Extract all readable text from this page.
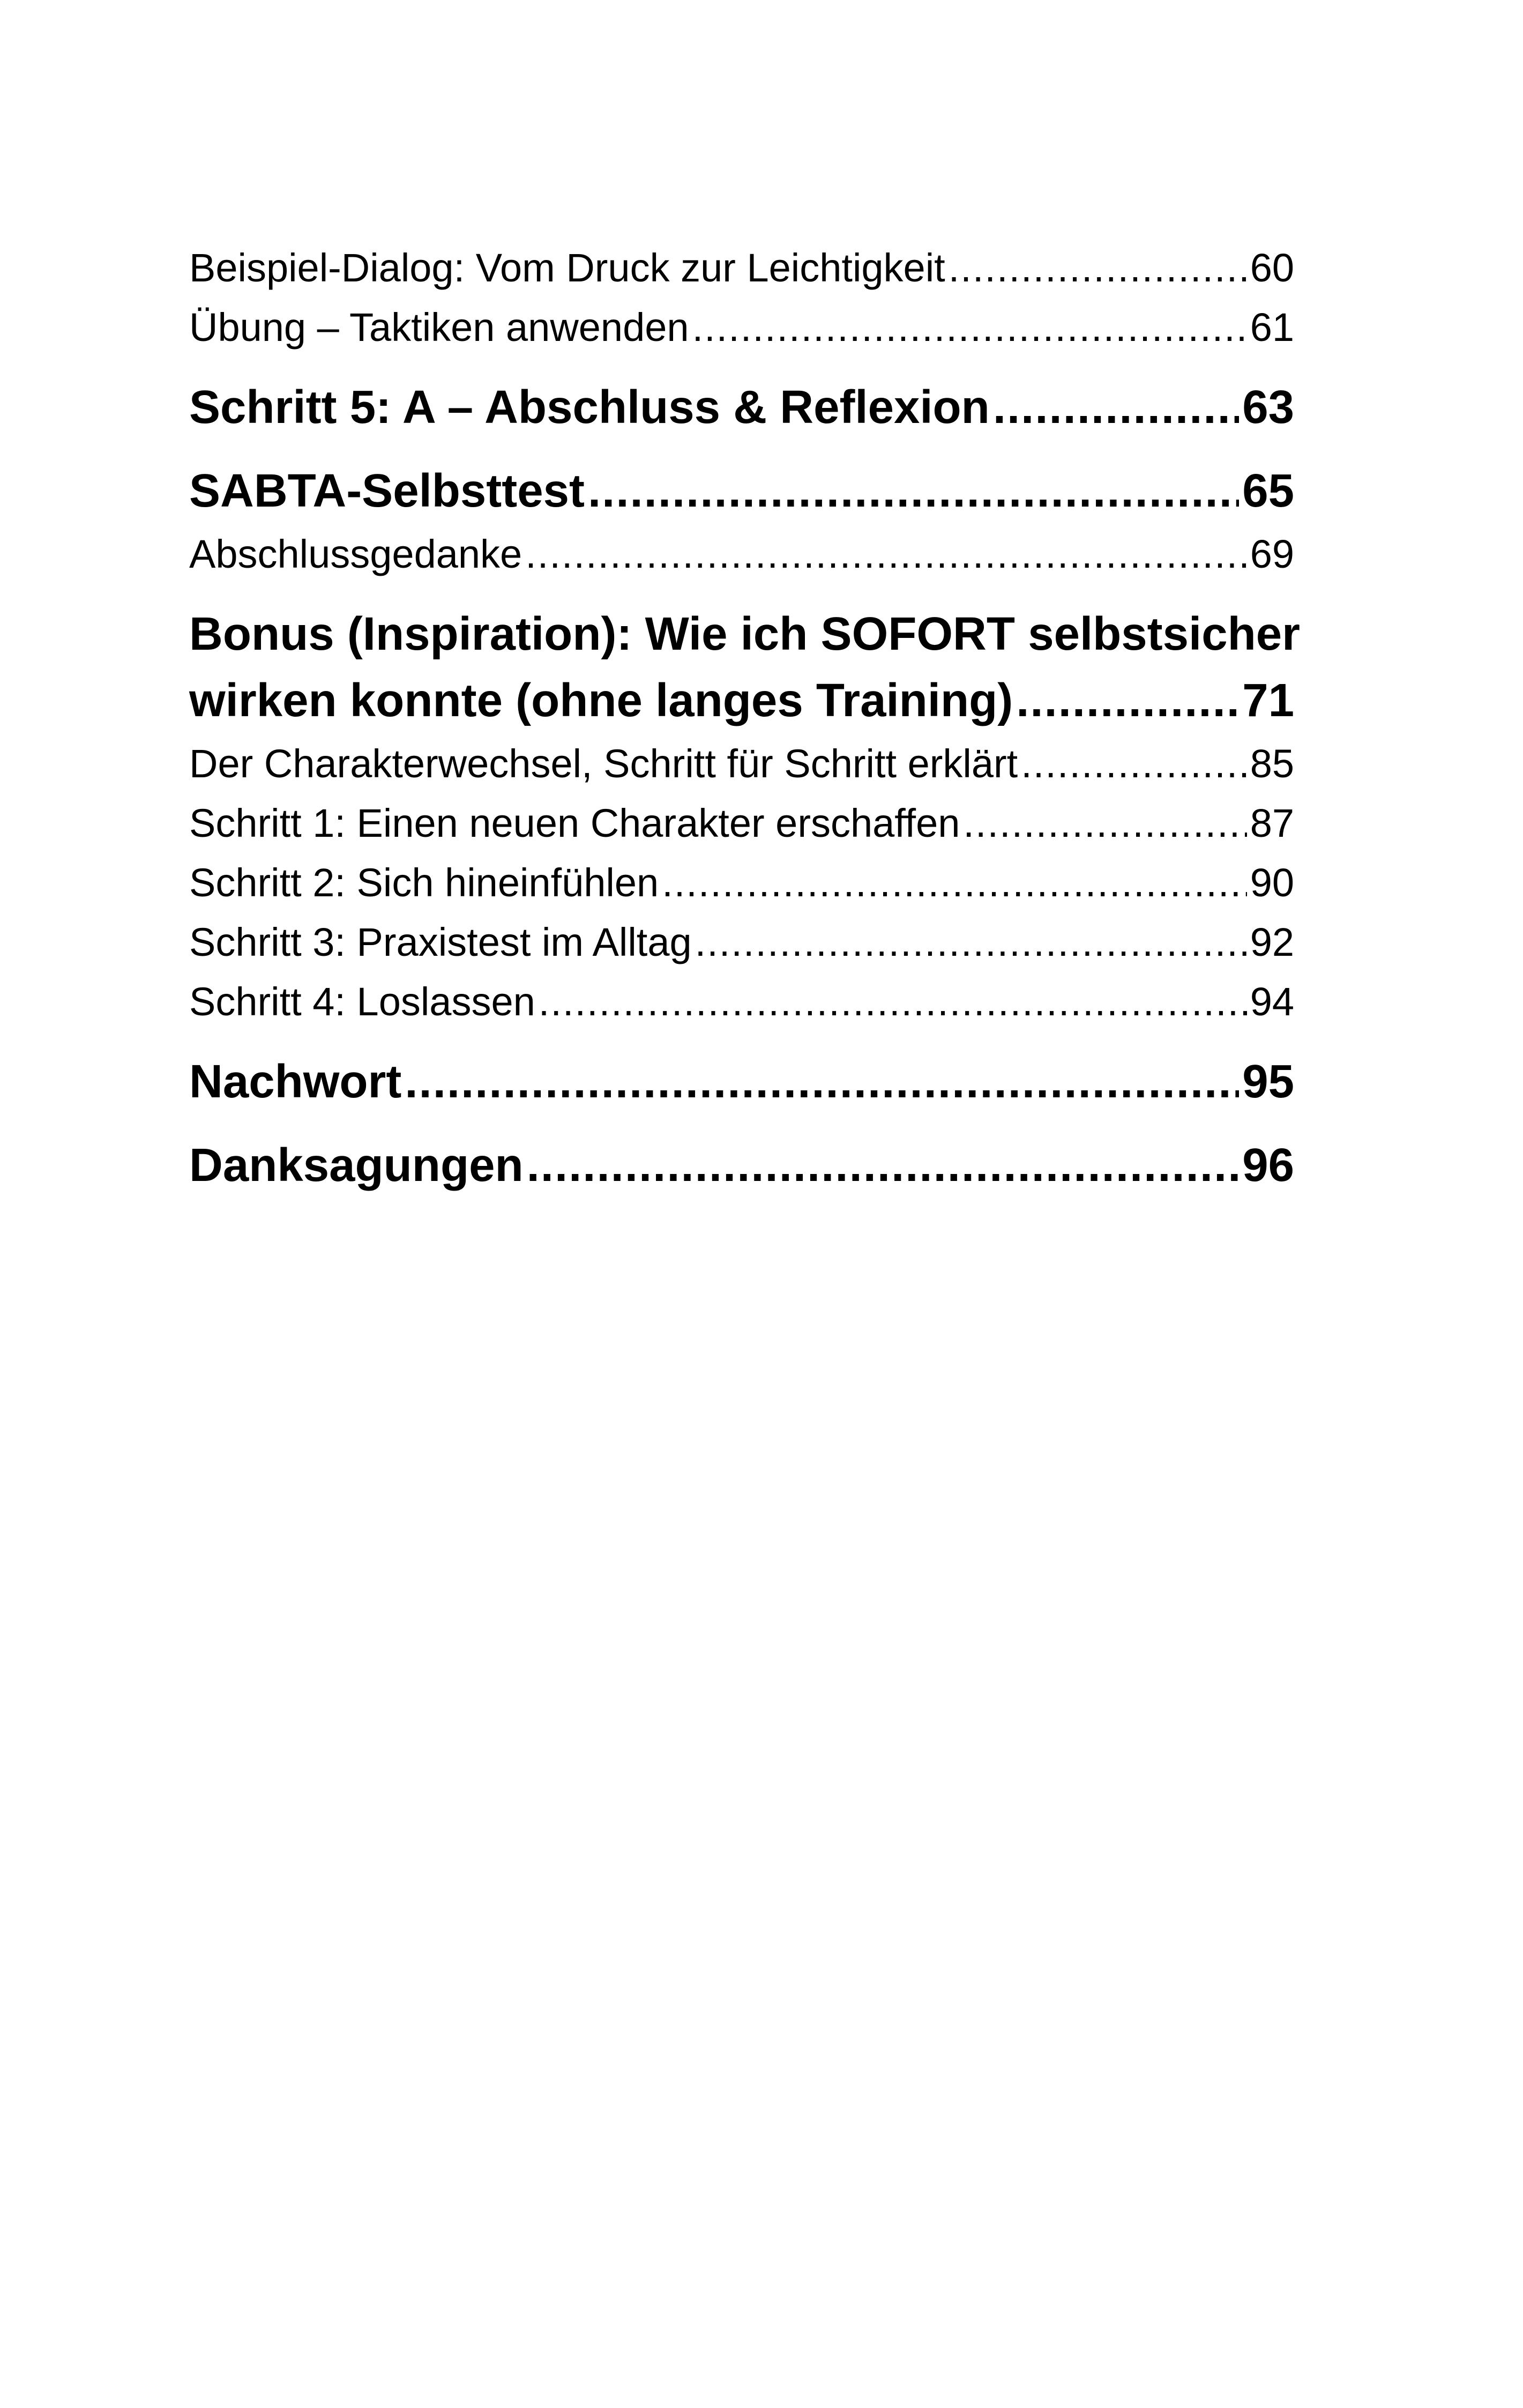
Beispiel-Dialog: Vom Druck zur Leichtigkeit .....	60
Übung – Taktiken anwenden .....	61
Schritt 5: A – Abschluss & Reflexion .....	63
SABTA-Selbsttest .....	65
Abschlussgedanke .....	69
Bonus (Inspiration): Wie ich SOFORT selbstsicher
wirken konnte (ohne langes Training) .....	71
Der Charakterwechsel, Schritt für Schritt erklärt .....	85
Schritt 1: Einen neuen Charakter erschaffen .....	87
Schritt 2: Sich hineinfühlen .....	90
Schritt 3: Praxistest im Alltag .....	92
Schritt 4: Loslassen .....	94
Nachwort .....	95
Danksagungen .....	96
